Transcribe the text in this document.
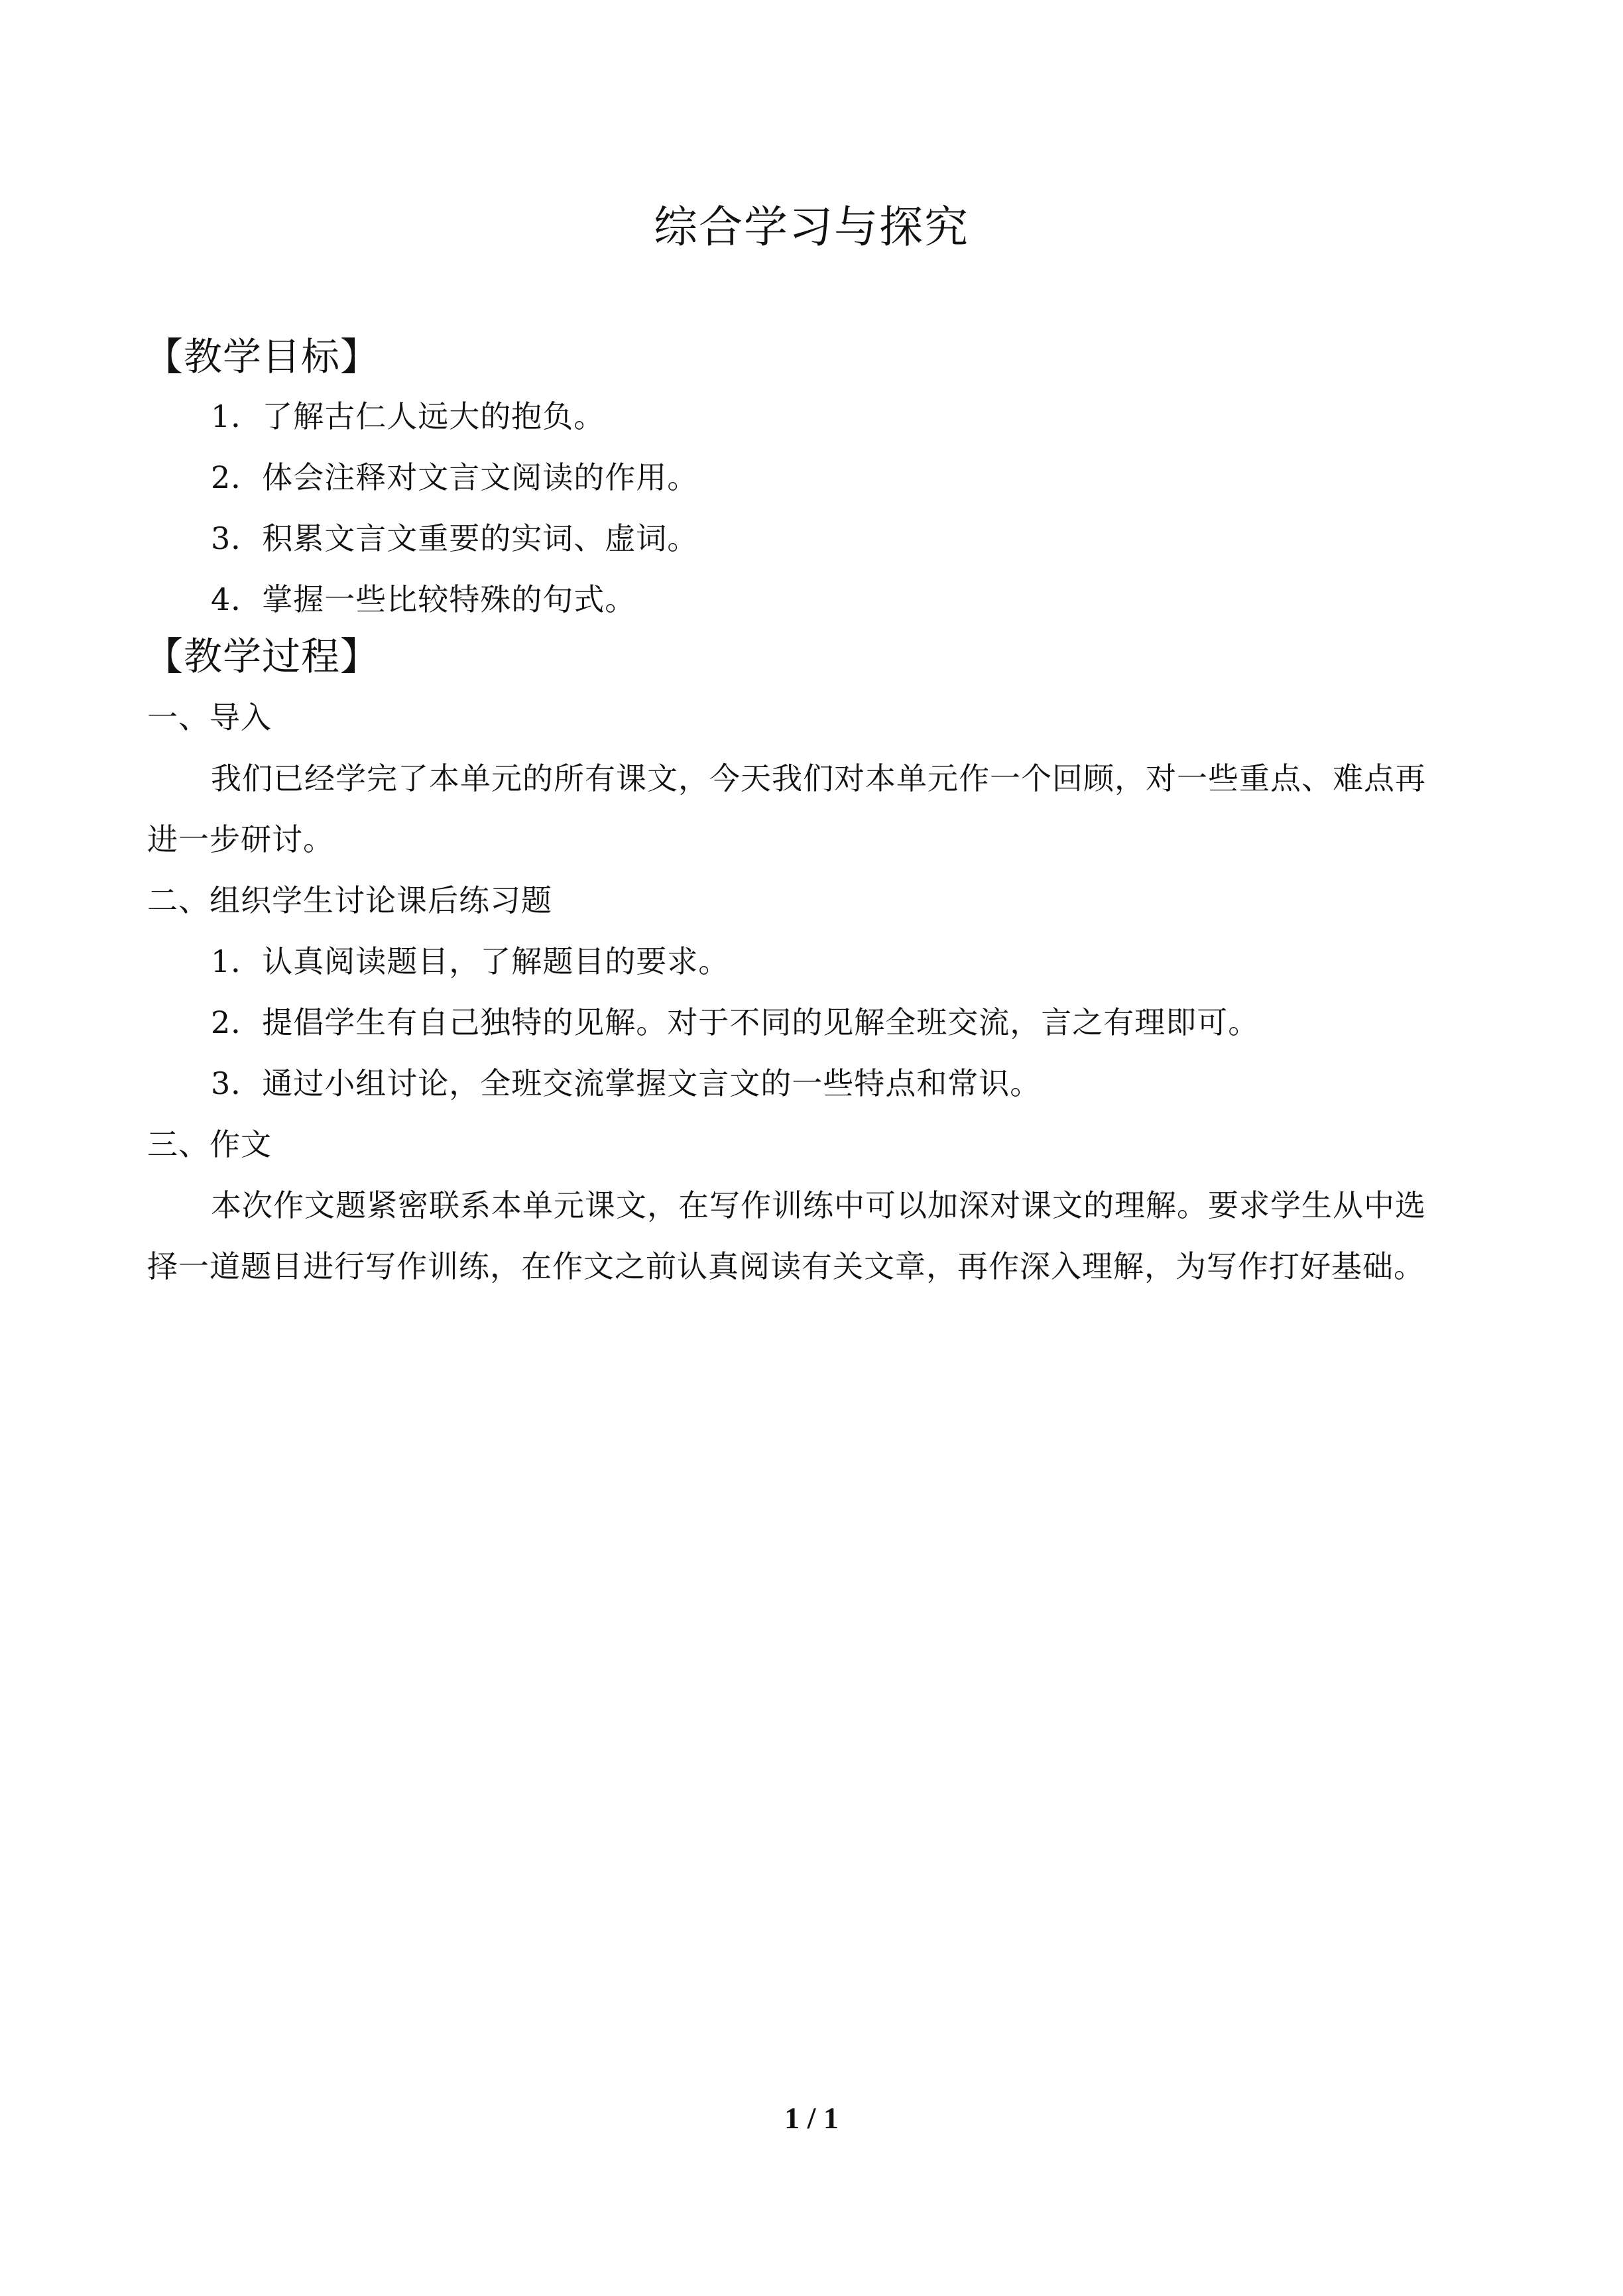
综合学习与探究
【教学目标】
1．了解古仁人远大的抱负。
2．体会注释对文言文阅读的作用。
3．积累文言文重要的实词、虚词。
4．掌握一些比较特殊的句式。
【教学过程】
一、导入
我们已经学完了本单元的所有课文，今天我们对本单元作一个回顾，对一些重点、难点再
进一步研讨。
二、组织学生讨论课后练习题
1．认真阅读题目，了解题目的要求。
2．提倡学生有自己独特的见解。对于不同的见解全班交流，言之有理即可。
3．通过小组讨论，全班交流掌握文言文的一些特点和常识。
三、作文
本次作文题紧密联系本单元课文，在写作训练中可以加深对课文的理解。要求学生从中选
择一道题目进行写作训练，在作文之前认真阅读有关文章，再作深入理解，为写作打好基础。
1 / 1
